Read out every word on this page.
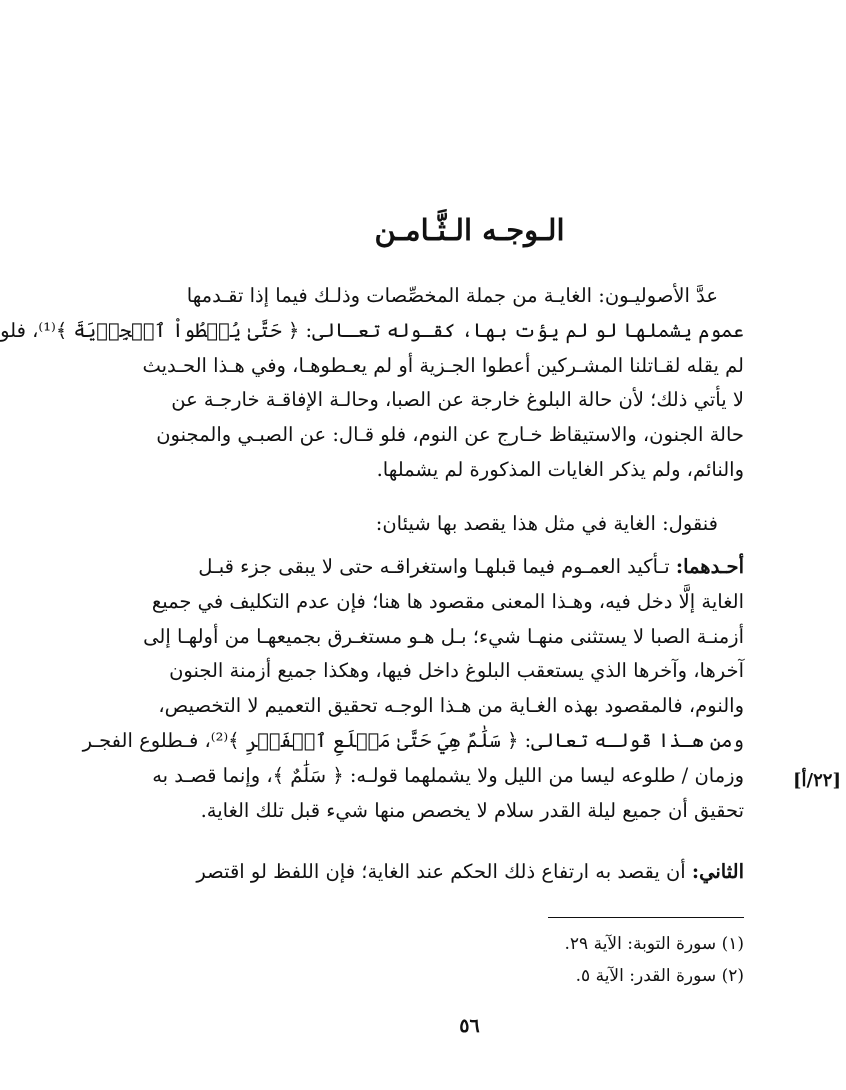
الـوجـه الـثَّـامـن
عدَّ الأصوليـون: الغايـة من جملة المخصِّصات وذلـك فيما إذا تقـدمها
عموم يشملها لو لم يؤت بها، كقـوله تعـالى: ﴿ حَتَّىٰ يُعۡطُواْ ٱلۡجِزۡيَةَ ﴾⁽¹⁾، فلو
لم يقله لقـاتلنا المشـركين أعطوا الجـزية أو لم يعـطوهـا، وفي هـذا الحـديث
لا يأتي ذلك؛ لأن حالة البلوغ خارجة عن الصبا، وحالـة الإفاقـة خارجـة عن
حالة الجنون، والاستيقاظ خـارج عن النوم، فلو قـال: عن الصبـي والمجنون
والنائم، ولم يذكر الغايات المذكورة لم يشملها.
فنقول: الغاية في مثل هذا يقصد بها شيئان:
أحـدهما: تـأكيد العمـوم فيما قبلهـا واستغراقـه حتى لا يبقى جزء قبـل
الغاية إلَّا دخل فيه، وهـذا المعنى مقصود ها هنا؛ فإن عدم التكليف في جميع
أزمنـة الصبا لا يستثنى منهـا شيء؛ بـل هـو مستغـرق بجميعهـا من أولهـا إلى
آخرها، وآخرها الذي يستعقب البلوغ داخل فيها، وهكذا جميع أزمنة الجنون
والنوم، فالمقصود بهذه الغـاية من هـذا الوجـه تحقيق التعميم لا التخصيص،
ومن هـذا قولـه تعالى: ﴿ سَلَٰمٌ هِيَ حَتَّىٰ مَطۡلَعِ ٱلۡفَجۡرِ ﴾⁽²⁾، فـطلوع الفجـر
وزمان / طلوعه ليسا من الليل ولا يشملهما قولـه: ﴿ سَلَٰمٌ ﴾، وإنما قصـد به
تحقيق أن جميع ليلة القدر سلام لا يخصص منها شيء قبل تلك الغاية.
الثاني: أن يقصد به ارتفاع ذلك الحكم عند الغاية؛ فإن اللفظ لو اقتصر
[٢٢/أ]
(١) سورة التوبة: الآية ٢٩.
(٢) سورة القدر: الآية ٥.
٥٦
